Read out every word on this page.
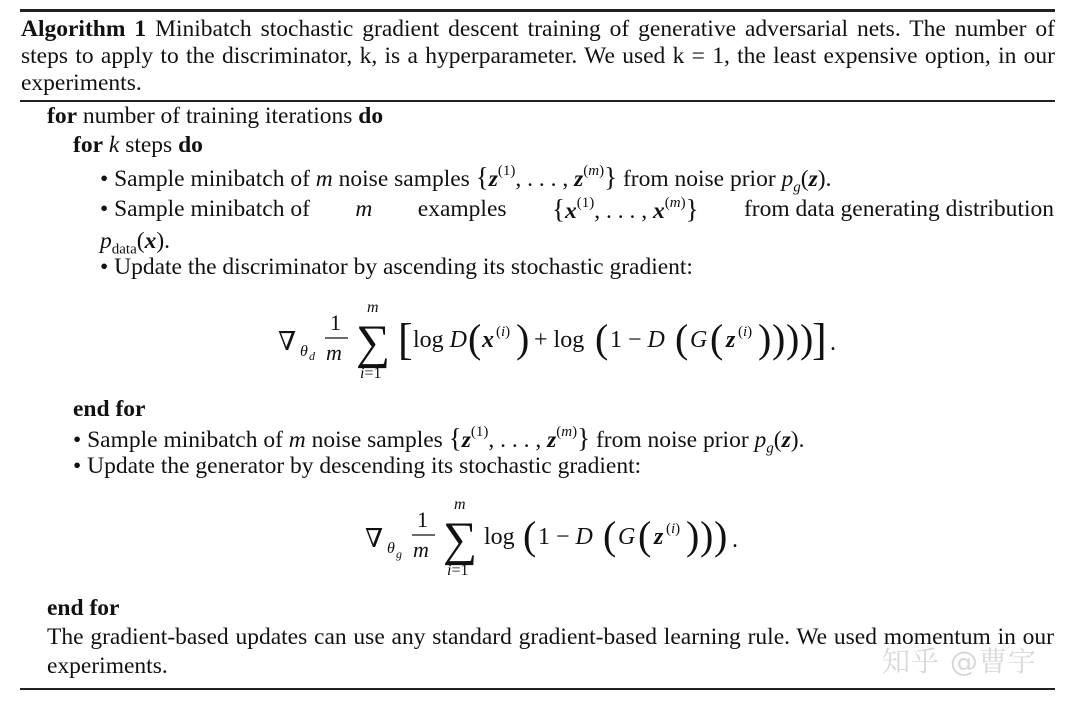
Algorithm 1 Minibatch stochastic gradient descent training of generative adversarial nets. The number of steps to apply to the discriminator, k, is a hyperparameter. We used k = 1, the least expensive option, in our experiments.
for number of training iterations do
for k steps do
• Sample minibatch of m noise samples {$z^{(1)}$, . . . , $z^{(m)}$} from noise prior $p_g(z)$.
• Sample minibatch of m examples {$x^{(1)}$, . . . , $x^{(m)}$} from data generating distribution
$p_{data}(x)$.
• Update the discriminator by ascending its stochastic gradient:
∇ θ d
1
m
m
∑
i=1
[ log D ( x (i) ) + log ( 1 − D ( G ( z (i) ) ) ) )
] .
end for
• Sample minibatch of m noise samples {$z^{(1)}$, . . . , $z^{(m)}$} from noise prior $p_g(z)$.
• Update the generator by descending its stochastic gradient:
∇ θ g
1
m
m
∑
i=1
log ( 1 − D ( G ( z (i) ) ) ) .
end for
The gradient-based updates can use any standard gradient-based learning rule. We used momentum in our experiments.	知乎 @曹宇
